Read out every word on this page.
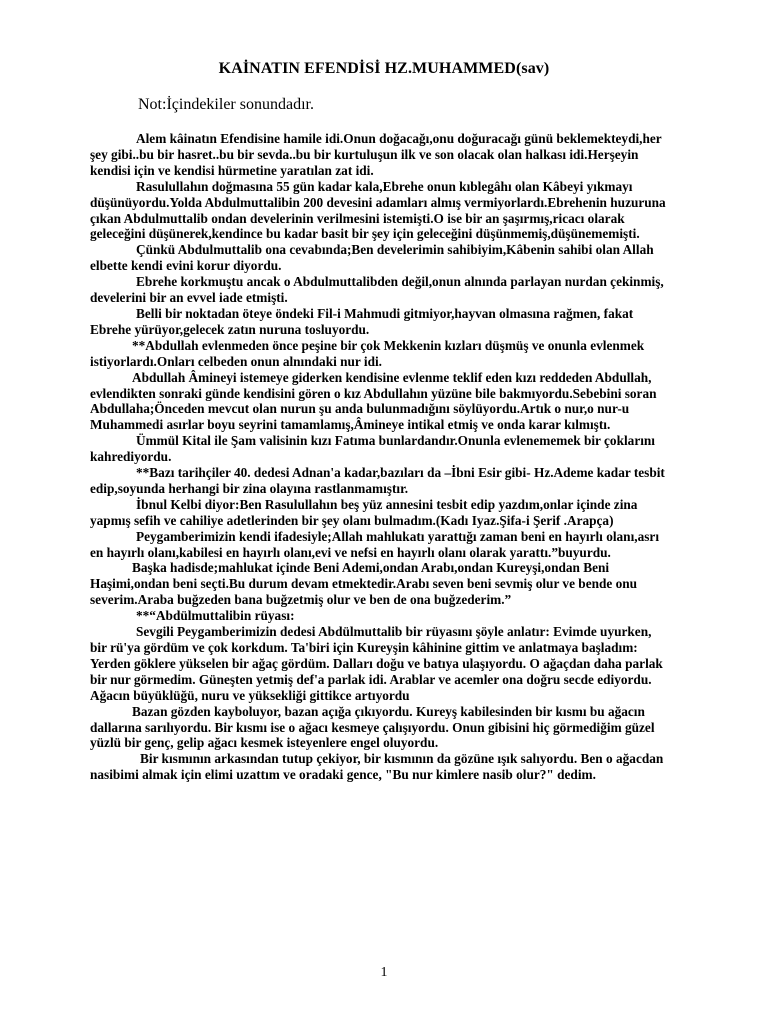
KAİNATIN EFENDİSİ HZ.MUHAMMED(sav)
Not:İçindekiler sonundadır.

Alem kâinatın Efendisine hamile idi.Onun doğacağı,onu doğuracağı günü beklemekteydi,her şey gibi..bu bir hasret..bu bir sevda..bu bir kurtuluşun ilk ve son olacak olan halkası idi.Herşeyin kendisi için ve kendisi hürmetine yaratılan zat idi.

Rasulullahın doğmasına 55 gün kadar kala,Ebrehe onun kıblegâhı olan Kâbeyi yıkmayı düşünüyordu.Yolda Abdulmuttalibin 200 devesini adamları almış vermiyorlardı.Ebrehenin huzuruna çıkan Abdulmuttalib ondan develerinin verilmesini istemişti.O ise bir an şaşırmış,ricacı olarak geleceğini düşünerek,kendince bu kadar basit bir şey için geleceğini düşünmemiş,düşünememişti.

Çünkü Abdulmuttalib ona cevabında;Ben develerimin sahibiyim,Kâbenin sahibi olan Allah elbette kendi evini korur diyordu.

Ebrehe korkmuştu ancak o Abdulmuttalibden değil,onun alnında parlayan nurdan çekinmiş, develerini bir an evvel iade etmişti.

Belli bir noktadan öteye öndeki Fil-i Mahmudi gitmiyor,hayvan olmasına rağmen, fakat Ebrehe yürüyor,gelecek zatın nuruna tosluyordu.

**Abdullah evlenmeden önce peşine bir çok Mekkenin kızları düşmüş ve onunla evlenmek istiyorlardı.Onları celbeden onun alnındaki nur idi.

Abdullah Âmineyi istemeye giderken kendisine evlenme teklif eden kızı reddeden Abdullah, evlendikten sonraki günde kendisini gören o kız Abdullahın yüzüne bile bakmıyordu.Sebebini soran Abdullaha;Önceden mevcut olan nurun şu anda bulunmadığını söylüyordu.Artık o nur,o nur-u Muhammedi asırlar boyu seyrini tamamlamış,Âmineye intikal etmiş ve onda karar kılmıştı.

Ümmül Kital ile Şam valisinin kızı Fatıma bunlardandır.Onunla evlenememek bir çoklarını kahrediyordu.

**Bazı tarihçiler 40. dedesi Adnan'a kadar,bazıları da –İbni Esir gibi- Hz.Ademe kadar tesbit edip,soyunda herhangi bir zina olayına rastlanmamıştır.

İbnul Kelbi diyor:Ben Rasulullahın beş yüz annesini tesbit edip yazdım,onlar içinde zina yapmış sefih ve cahiliye adetlerinden bir şey olanı bulmadım.(Kadı Iyaz.Şifa-i Şerif .Arapça)

Peygamberimizin kendi ifadesiyle;Allah mahlukatı yarattığı zaman beni en hayırlı olanı,asrı en hayırlı olanı,kabilesi en hayırlı olanı,evi ve nefsi en hayırlı olanı olarak yarattı.”buyurdu.

Başka hadisde;mahlukat içinde Beni Ademi,ondan Arabı,ondan Kureyşi,ondan Beni Haşimi,ondan beni seçti.Bu durum devam etmektedir.Arabı seven beni sevmiş olur ve bende onu severim.Araba buğzeden bana buğzetmiş olur ve ben de ona buğzederim.”

**“Abdülmuttalibin rüyası:

Sevgili Peygamberimizin dedesi Abdülmuttalib bir rüyasını şöyle anlatır: Evimde uyurken, bir rü'ya gördüm ve çok korkdum. Ta'biri için Kureyşin kâhinine gittim ve anlatmaya başladım: Yerden göklere yükselen bir ağaç gördüm. Dalları doğu ve batıya ulaşıyordu. O ağaçdan daha parlak bir nur görmedim. Güneşten yetmiş def'a parlak idi. Arablar ve acemler ona doğru secde ediyordu. Ağacın büyüklüğü, nuru ve yüksekliği gittikce artıyordu

Bazan gözden kayboluyor, bazan açığa çıkıyordu. Kureyş kabilesinden bir kısmı bu ağacın dallarına sarılıyordu. Bir kısmı ise o ağacı kesmeye çalışıyordu. Onun gibisini hiç görmediğim güzel yüzlü bir genç, gelip ağacı kesmek isteyenlere engel oluyordu.

Bir kısmının arkasından tutup çekiyor, bir kısmının da gözüne ışık salıyordu. Ben o ağacdan nasibimi almak için elimi uzattım ve oradaki gence, "Bu nur kimlere nasib olur?" dedim.

1
